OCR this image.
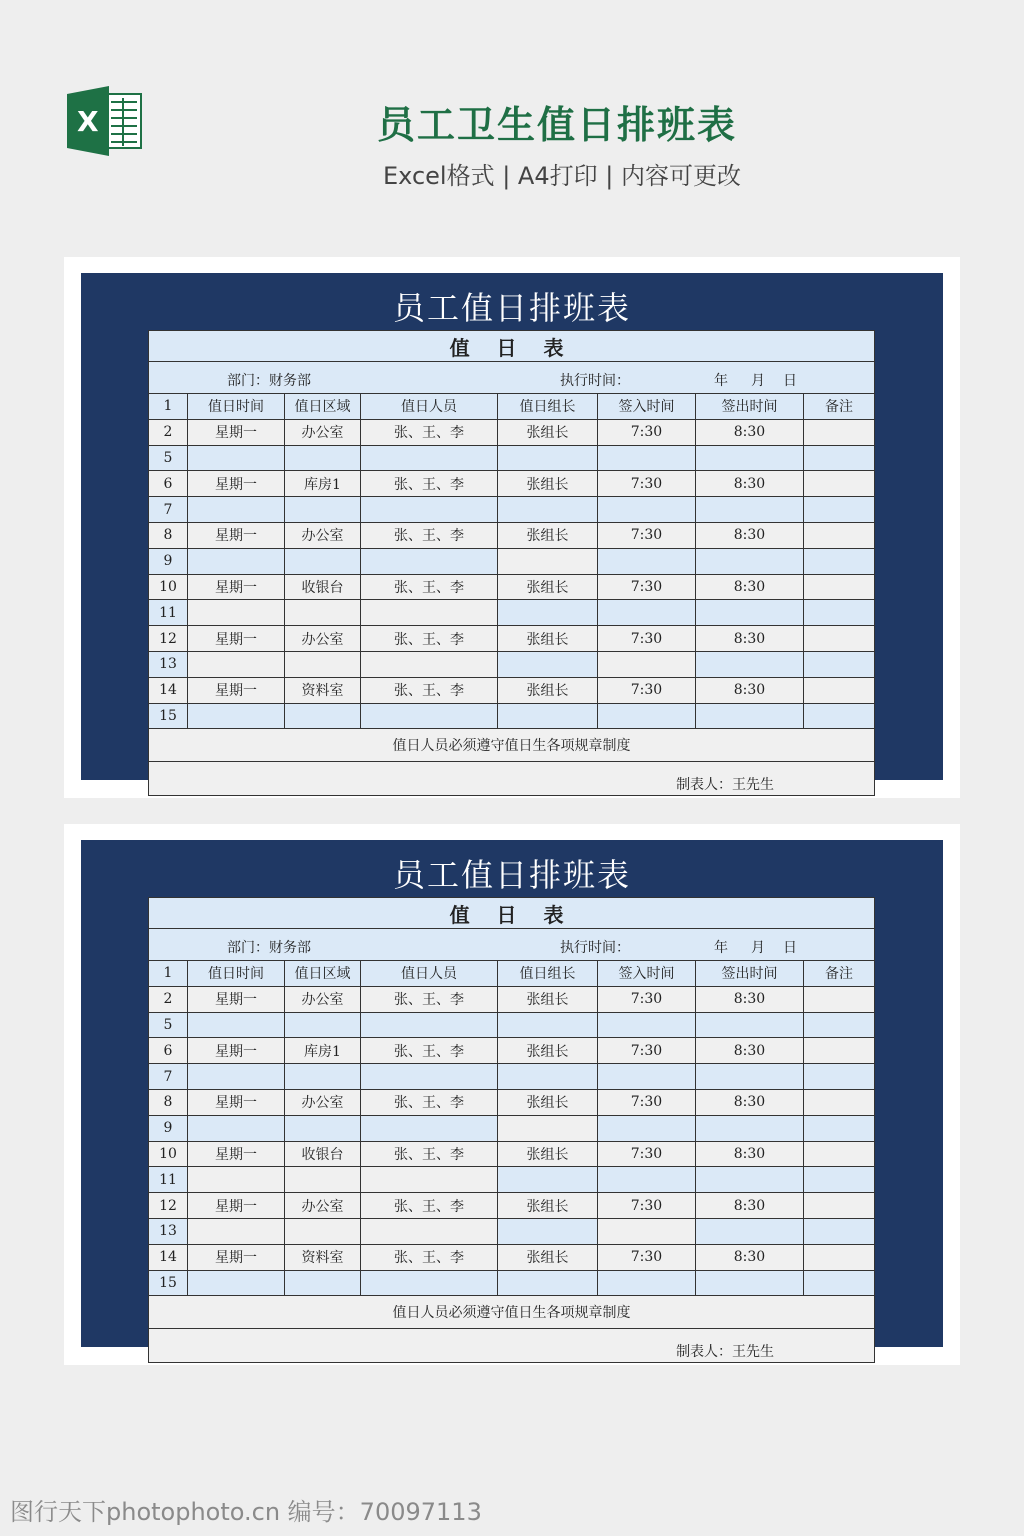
X	员工卫生值日排班表
Excel格式 | A4打印 | 内容可更改
员工值日排班表
值 日 表							

部门：财务部 执行时间： 年 月 日							

1	值日时间	值日区域	值日人员	值日组长	签入时间	签出时间	备注
2	星期一	办公室	张、王、李	张组长	7:30	8:30	
5							
6	星期一	库房1	张、王、李	张组长	7:30	8:30	
7							
8	星期一	办公室	张、王、李	张组长	7:30	8:30	
9							
10	星期一	收银台	张、王、李	张组长	7:30	8:30	
11							
12	星期一	办公室	张、王、李	张组长	7:30	8:30	
13							
14	星期一	资料室	张、王、李	张组长	7:30	8:30	
15							
值日人员必须遵守值日生各项规章制度							
制表人：王先生							
员工值日排班表
值 日 表							

部门：财务部 执行时间： 年 月 日							

1	值日时间	值日区域	值日人员	值日组长	签入时间	签出时间	备注
2	星期一	办公室	张、王、李	张组长	7:30	8:30	
5							
6	星期一	库房1	张、王、李	张组长	7:30	8:30	
7							
8	星期一	办公室	张、王、李	张组长	7:30	8:30	
9							
10	星期一	收银台	张、王、李	张组长	7:30	8:30	
11							
12	星期一	办公室	张、王、李	张组长	7:30	8:30	
13							
14	星期一	资料室	张、王、李	张组长	7:30	8:30	
15							
值日人员必须遵守值日生各项规章制度							
制表人：王先生							
图行天下photophoto.cn 编号：70097113
